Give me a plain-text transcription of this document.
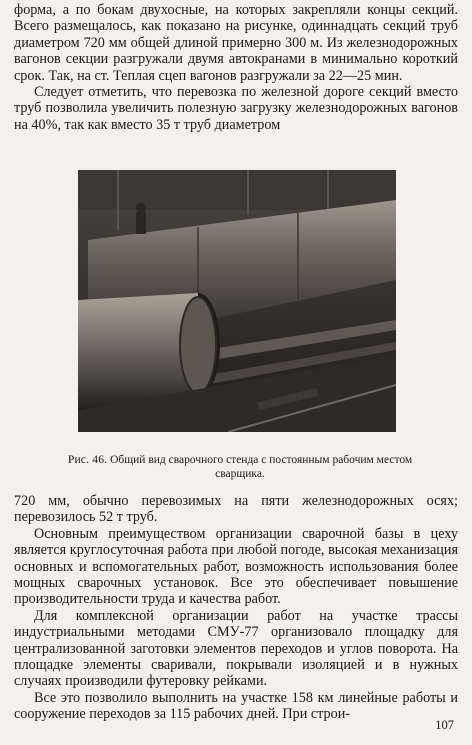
форма, а по бокам двухосные, на которых закрепляли концы секций. Всего размещалось, как показано на рисунке, одиннадцать секций труб диаметром 720 мм общей длиной примерно 300 м. Из железнодорожных вагонов секции разгружали двумя автокранами в минимально короткий срок. Так, на ст. Теплая сцеп вагонов разгружали за 22—25 мин.

Следует отметить, что перевозка по железной дороге секций вместо труб позволила увеличить полезную загрузку железнодорожных вагонов на 40%, так как вместо 35 т труб диаметром

Рис. 46. Общий вид сварочного стенда с постоянным рабочим местом сварщика.

720 мм, обычно перевозимых на пяти железнодорожных осях; перевозилось 52 т труб.

Основным преимуществом организации сварочной базы в цеху является круглосуточная работа при любой погоде, высокая механизация основных и вспомогательных работ, возможность использования более мощных сварочных установок. Все это обеспечивает повышение производительности труда и качества работ.

Для комплексной организации работ на участке трассы индустриальными методами СМУ-77 организовало площадку для централизованной заготовки элементов переходов и углов поворота. На площадке элементы сваривали, покрывали изоляцией и в нужных случаях производили футеровку рейками.

Все это позволило выполнить на участке 158 км линейные работы и сооружение переходов за 115 рабочих дней. При строи-

107
